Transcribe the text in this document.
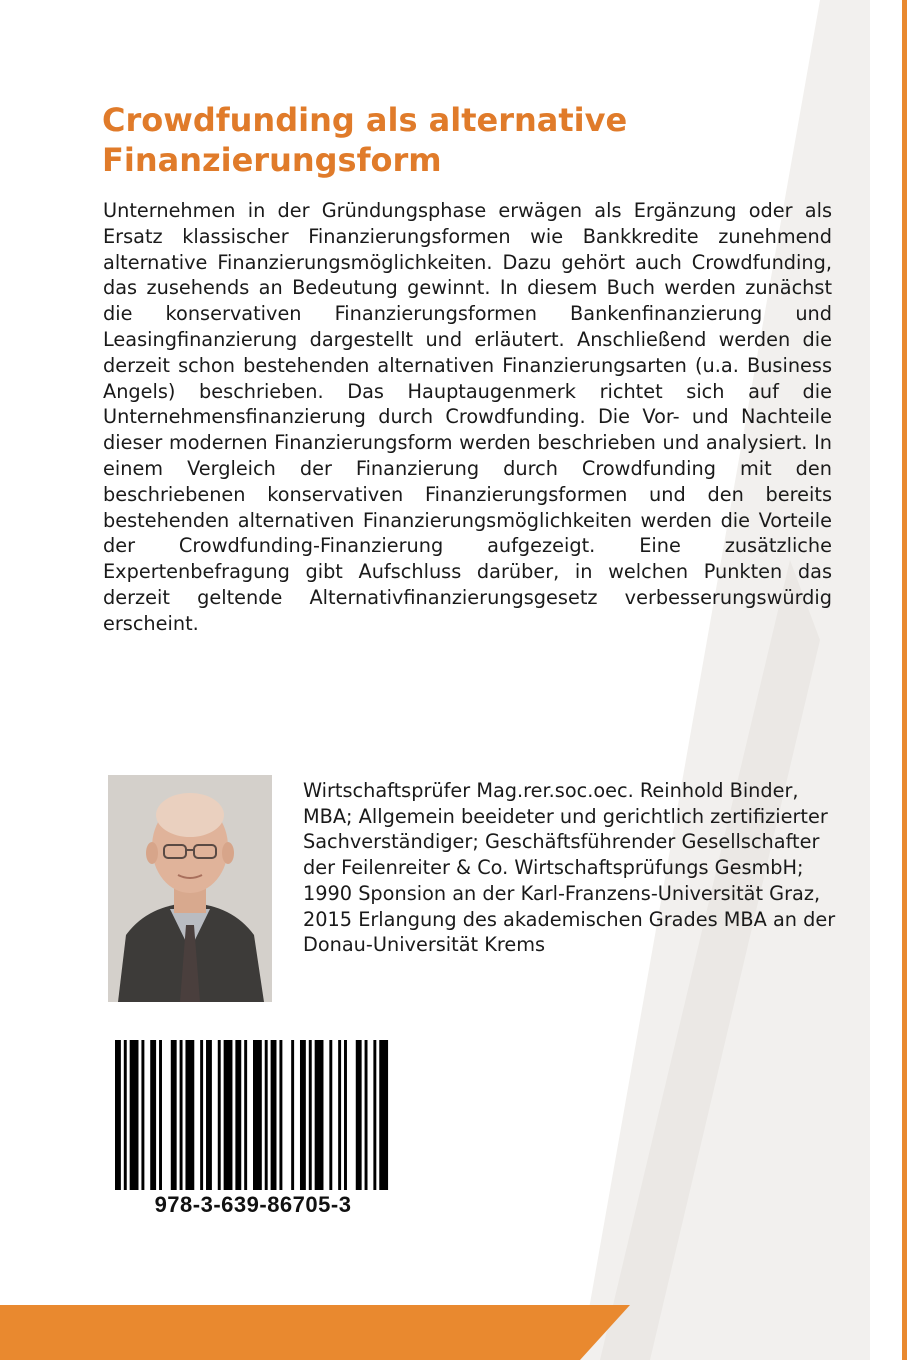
Crowdfunding als alternative
Finanzierungsform

Unternehmen in der Gründungsphase erwägen als Ergänzung oder als Ersatz klassischer Finanzierungsformen wie Bankkredite zunehmend alternative Finanzierungsmöglichkeiten. Dazu gehört auch Crowdfunding, das zusehends an Bedeutung gewinnt. In diesem Buch werden zunächst die konservativen Finanzierungsformen Bankenfinanzierung und Leasingfinanzierung dargestellt und erläutert. Anschließend werden die derzeit schon bestehenden alternativen Finanzierungsarten (u.a. Business Angels) beschrieben. Das Hauptaugenmerk richtet sich auf die Unternehmensfinanzierung durch Crowdfunding. Die Vor- und Nachteile dieser modernen Finanzierungsform werden beschrieben und analysiert. In einem Vergleich der Finanzierung durch Crowdfunding mit den beschriebenen konservativen Finanzierungsformen und den bereits bestehenden alternativen Finanzierungsmöglichkeiten werden die Vorteile der Crowdfunding-Finanzierung aufgezeigt. Eine zusätzliche Expertenbefragung gibt Aufschluss darüber, in welchen Punkten das derzeit geltende Alternativfinanzierungsgesetz verbesserungswürdig erscheint.

Wirtschaftsprüfer Mag.rer.soc.oec. Reinhold Binder, MBA; Allgemein beeideter und gerichtlich zertifizierter Sachverständiger; Geschäftsführender Gesellschafter der Feilenreiter & Co. Wirtschaftsprüfungs GesmbH; 1990 Sponsion an der Karl-Franzens-Universität Graz, 2015 Erlangung des akademischen Grades MBA an der Donau-Universität Krems

978-3-639-86705-3
